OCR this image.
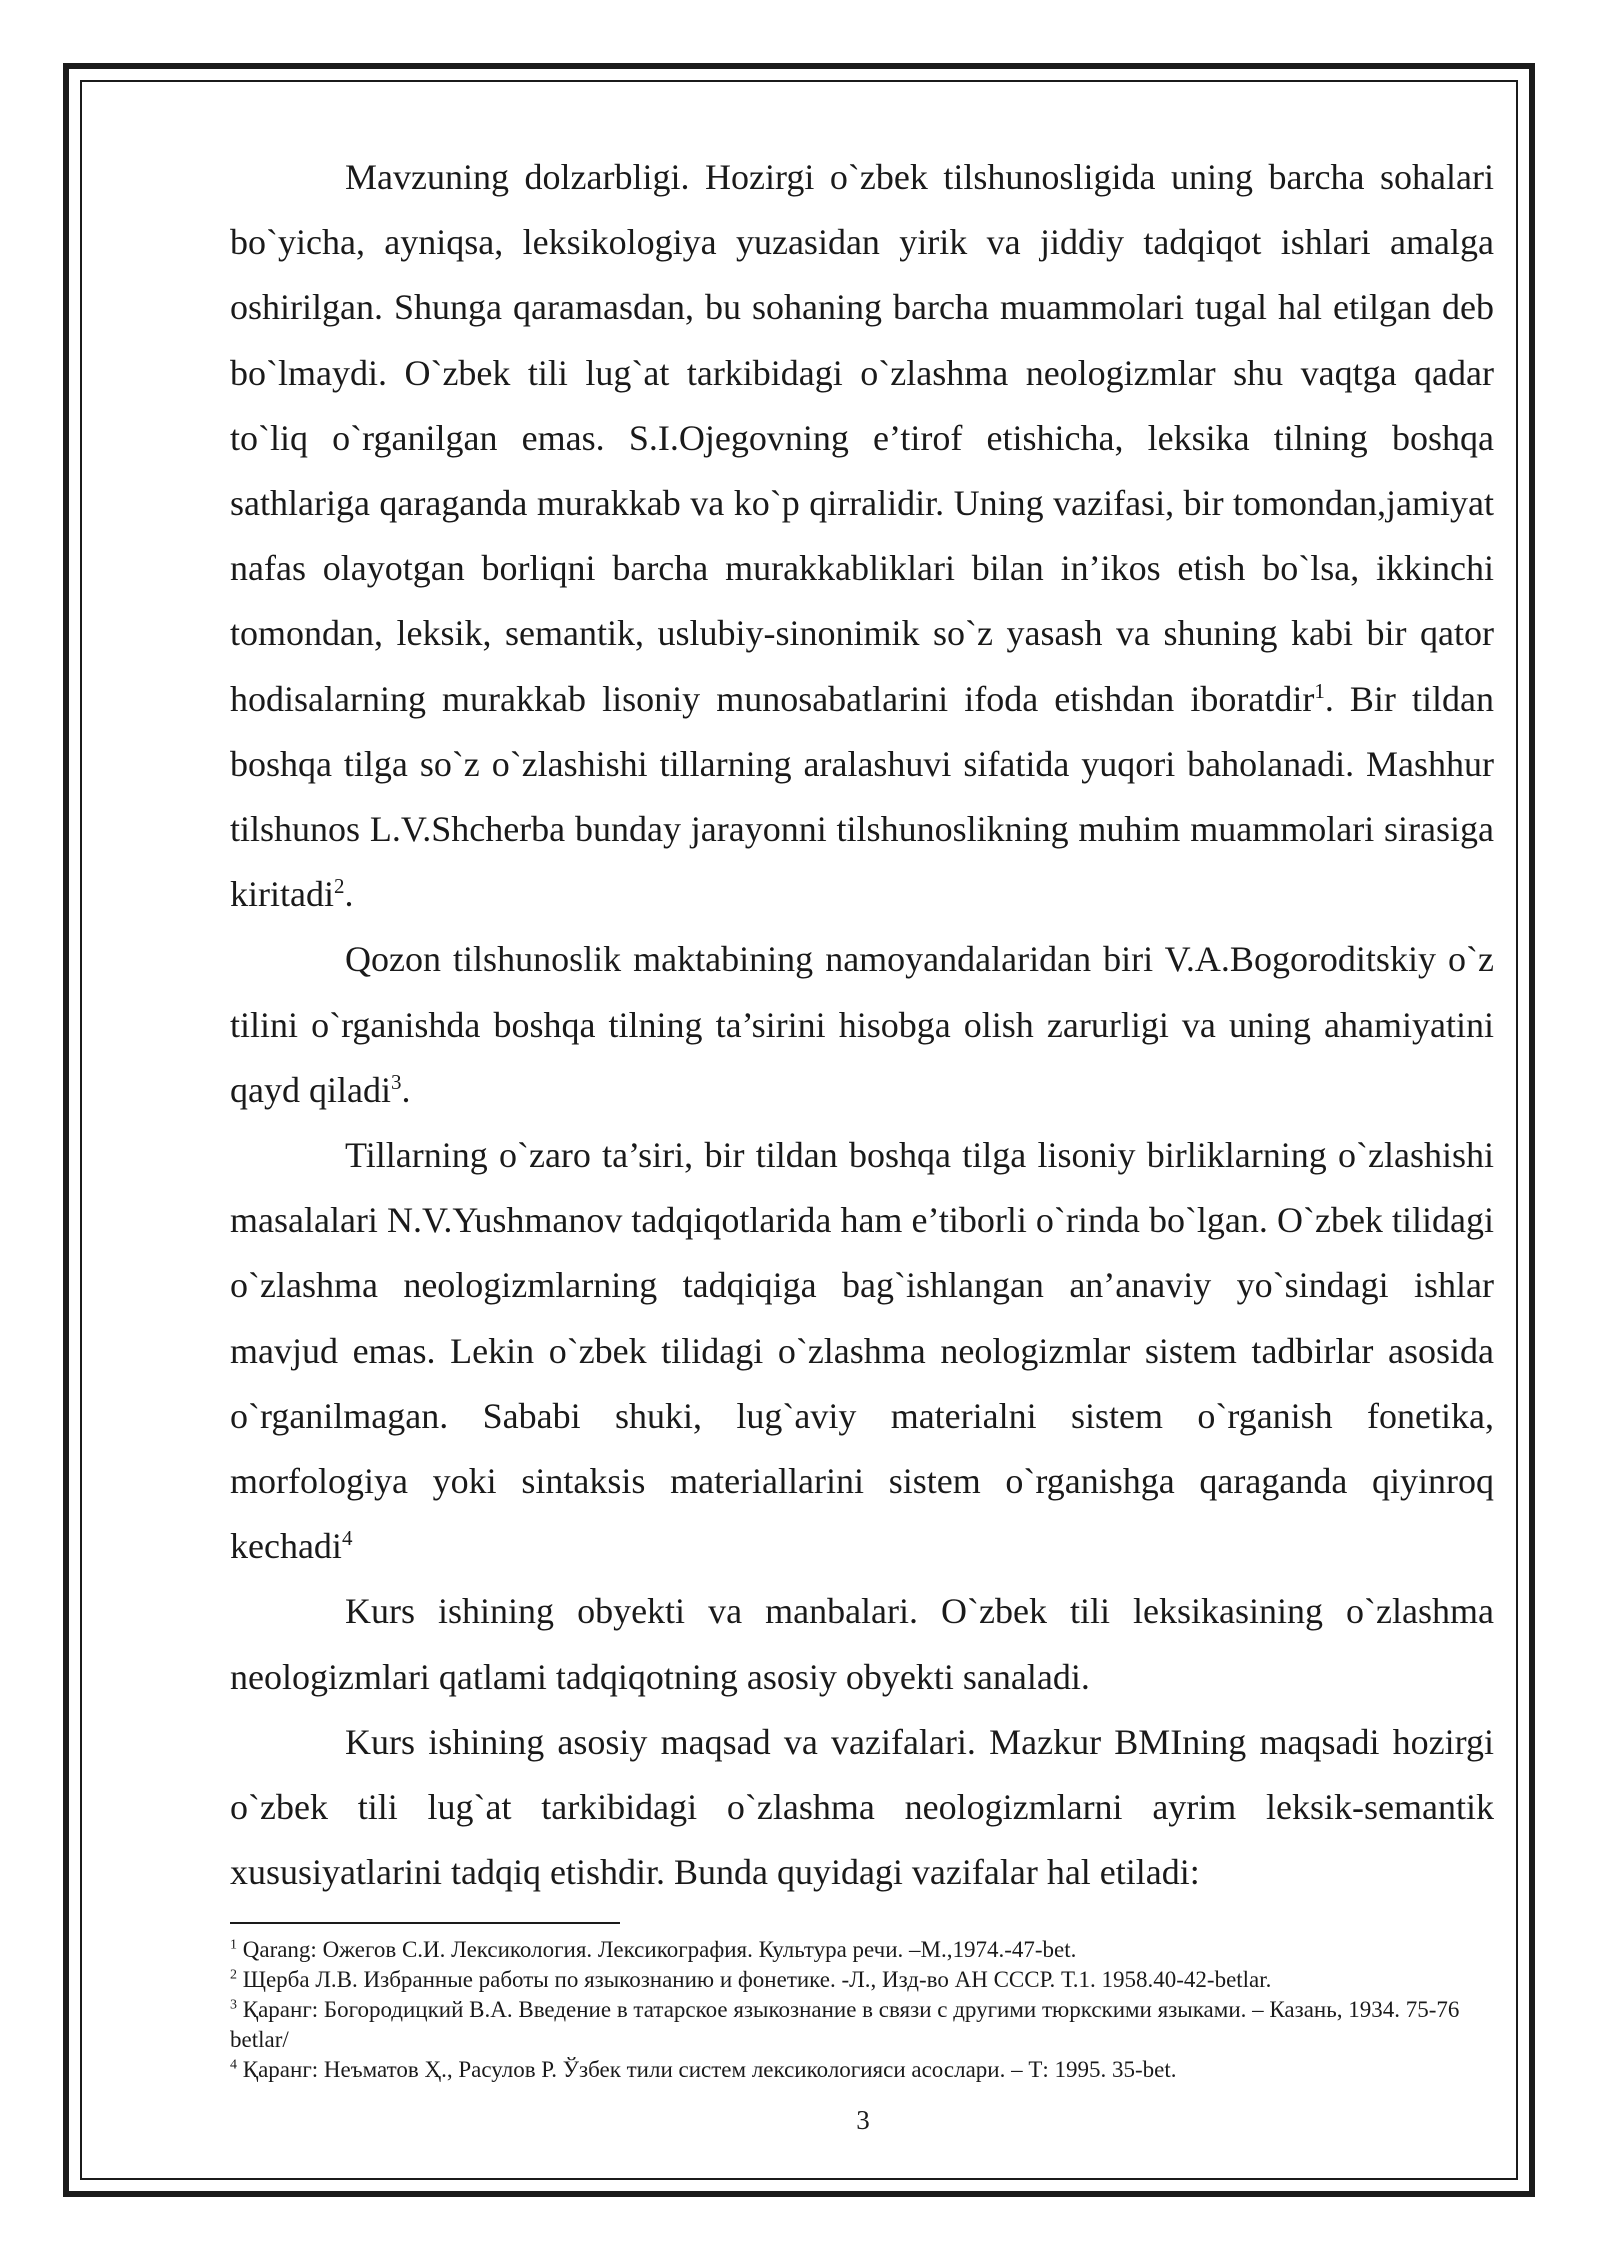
Mavzuning dolzarbligi. Hozirgi o`zbek tilshunosligida uning barcha sohalari bo`yicha, ayniqsa, leksikologiya yuzasidan yirik va jiddiy tadqiqot ishlari amalga oshirilgan. Shunga qaramasdan, bu sohaning barcha muammolari tugal hal etilgan deb bo`lmaydi. O`zbek tili lug`at tarkibidagi o`zlashma neologizmlar shu vaqtga qadar to`liq o`rganilgan emas. S.I.Ojegovning e’tirof etishicha, leksika tilning boshqa sathlariga qaraganda murakkab va ko`p qirralidir. Uning vazifasi, bir tomondan,jamiyat nafas olayotgan borliqni barcha murakkabliklari bilan in’ikos etish bo`lsa, ikkinchi tomondan, leksik, semantik, uslubiy-sinonimik so`z yasash va shuning kabi bir qator hodisalarning murakkab lisoniy munosabatlarini ifoda etishdan iboratdir$^1$. Bir tildan boshqa tilga so`z o`zlashishi tillarning aralashuvi sifatida yuqori baholanadi. Mashhur tilshunos L.V.Shcherba bunday jarayonni tilshunoslikning muhim muammolari sirasiga kiritadi$^2$.

Qozon tilshunoslik maktabining namoyandalaridan biri V.A.Bogoroditskiy o`z tilini o`rganishda boshqa tilning ta’sirini hisobga olish zarurligi va uning ahamiyatini qayd qiladi$^3$.

Tillarning o`zaro ta’siri, bir tildan boshqa tilga lisoniy birliklarning o`zlashishi masalalari N.V.Yushmanov tadqiqotlarida ham e’tiborli o`rinda bo`lgan. O`zbek tilidagi o`zlashma neologizmlarning tadqiqiga bag`ishlangan an’anaviy yo`sindagi ishlar mavjud emas. Lekin o`zbek tilidagi o`zlashma neologizmlar sistem tadbirlar asosida o`rganilmagan. Sababi shuki, lug`aviy materialni sistem o`rganish fonetika, morfologiya yoki sintaksis materiallarini sistem o`rganishga qaraganda qiyinroq kechadi$^4$

Kurs ishining obyekti va manbalari. O`zbek tili leksikasining o`zlashma neologizmlari qatlami tadqiqotning asosiy obyekti sanaladi.

Kurs ishining asosiy maqsad va vazifalari. Mazkur BMIning maqsadi hozirgi o`zbek tili lug`at tarkibidagi o`zlashma neologizmlarni ayrim leksik-semantik xususiyatlarini tadqiq etishdir. Bunda quyidagi vazifalar hal etiladi:

$^1$ Qarang: Ожегов С.И. Лексикология. Лексикография. Культура речи. –М.,1974.-47-bet.
$^2$ Щерба Л.В. Избранные работы по языкознанию и фонетике. -Л., Изд-во АН СССР. Т.1. 1958.40-42-betlar.
$^3$ Қаранг: Богородицкий В.А. Введение в татарское языкознание в связи с другими тюркскими языками. – Казань, 1934. 75-76 betlar/
$^4$ Қаранг: Неъматов Ҳ., Расулов Р. Ўзбек тили систем лексикологияси асослари. – Т: 1995. 35-bet.
3
